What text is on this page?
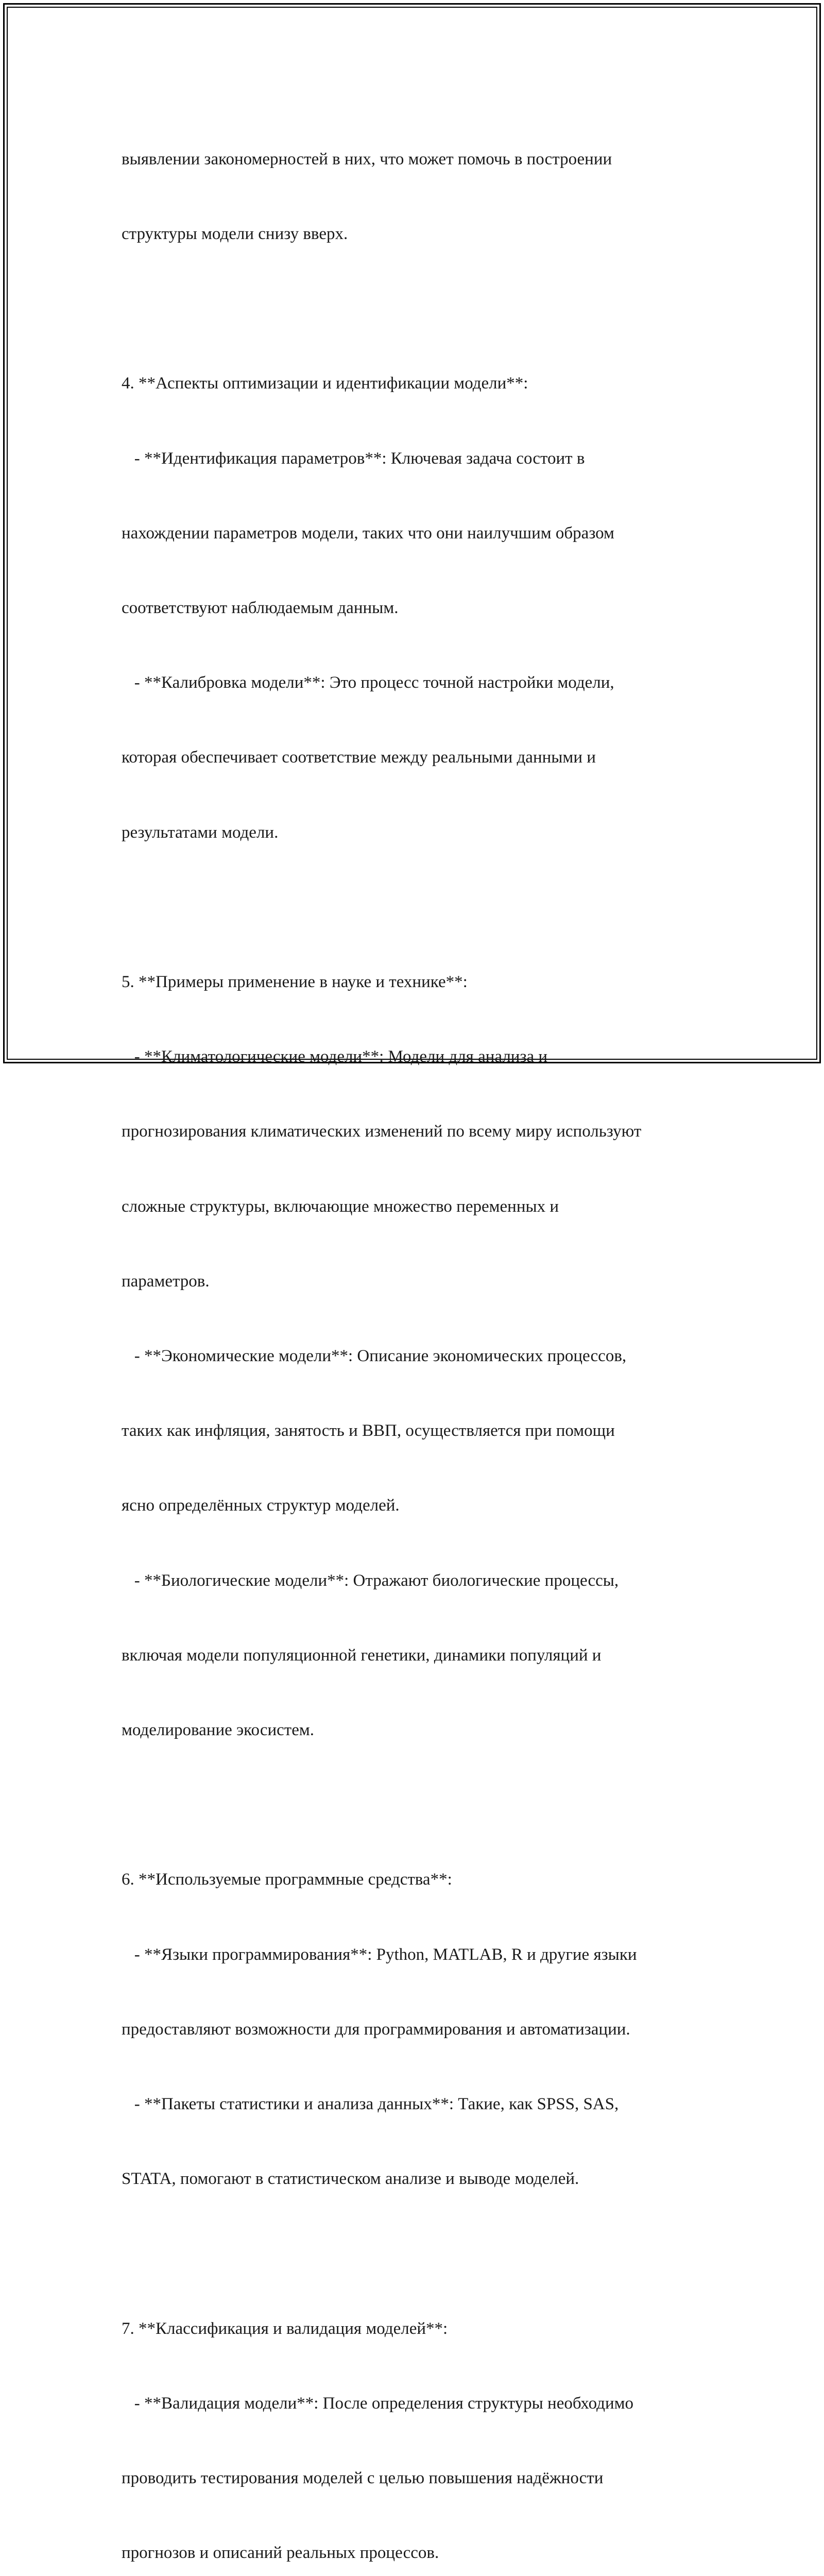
выявлении закономерностей в них, что может помочь в построении

структуры модели снизу вверх.

4. **Аспекты оптимизации и идентификации модели**:

- **Идентификация параметров**: Ключевая задача состоит в

нахождении параметров модели, таких что они наилучшим образом

соответствуют наблюдаемым данным.

- **Калибровка модели**: Это процесс точной настройки модели,

которая обеспечивает соответствие между реальными данными и

результатами модели.

5. **Примеры применение в науке и технике**:

- **Климатологические модели**: Модели для анализа и

прогнозирования климатических изменений по всему миру используют

сложные структуры, включающие множество переменных и

параметров.

- **Экономические модели**: Описание экономических процессов,

таких как инфляция, занятость и ВВП, осуществляется при помощи

ясно определённых структур моделей.

- **Биологические модели**: Отражают биологические процессы,

включая модели популяционной генетики, динамики популяций и

моделирование экосистем.

6. **Используемые программные средства**:

- **Языки программирования**: Python, MATLAB, R и другие языки

предоставляют возможности для программирования и автоматизации.

- **Пакеты статистики и анализа данных**: Такие, как SPSS, SAS,

STATA, помогают в статистическом анализе и выводе моделей.

7. **Классификация и валидация моделей**:

- **Валидация модели**: После определения структуры необходимо

проводить тестирования моделей с целью повышения надёжности

прогнозов и описаний реальных процессов.
